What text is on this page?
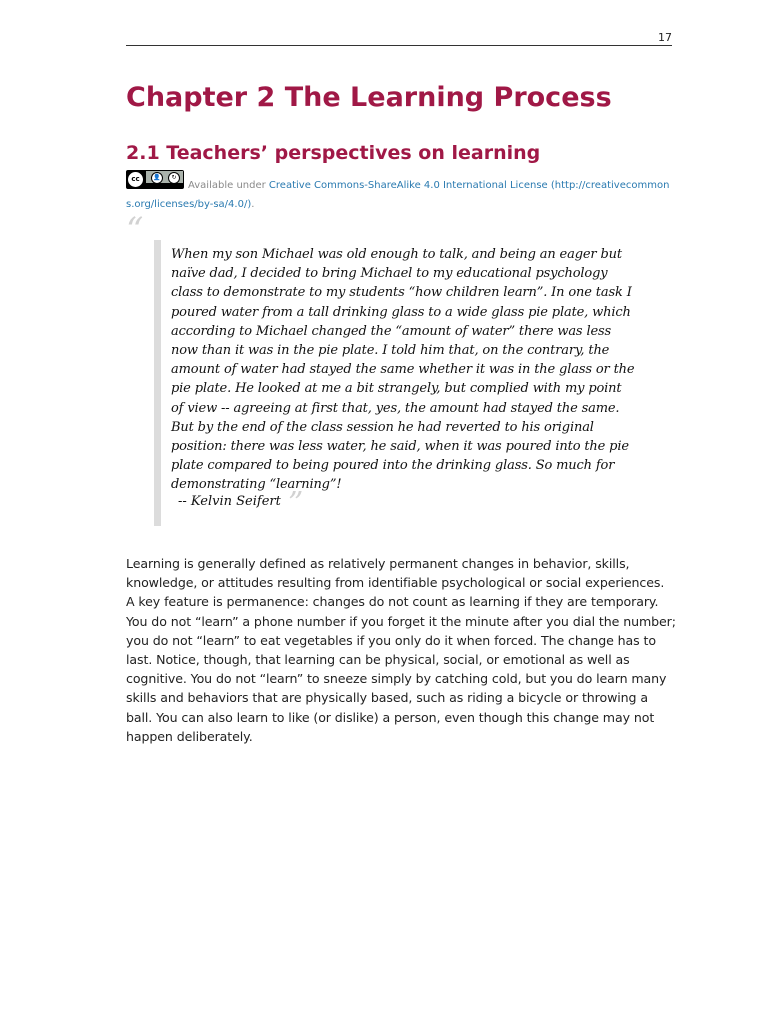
17
Chapter 2 The Learning Process
2.1 Teachers’ perspectives on learning
cc	👤	↻

Available under Creative Commons-ShareAlike 4.0 International License (http://creativecommons.org/licenses/by-sa/4.0/).

“

When my son Michael was old enough to talk, and being an eager but naïve dad, I decided to bring Michael to my educational psychology class to demonstrate to my students “how children learn”. In one task I poured water from a tall drinking glass to a wide glass pie plate, which according to Michael changed the “amount of water” there was less now than it was in the pie plate. I told him that, on the contrary, the amount of water had stayed the same whether it was in the glass or the pie plate. He looked at me a bit strangely, but complied with my point of view -- agreeing at first that, yes, the amount had stayed the same. But by the end of the class session he had reverted to his original position: there was less water, he said, when it was poured into the pie plate compared to being poured into the drinking glass. So much for demonstrating “learning”!

-- Kelvin Seifert ”

Learning is generally defined as relatively permanent changes in behavior, skills, knowledge, or attitudes resulting from identifiable psychological or social experiences. A key feature is permanence: changes do not count as learning if they are temporary. You do not “learn” a phone number if you forget it the minute after you dial the number; you do not “learn” to eat vegetables if you only do it when forced. The change has to last. Notice, though, that learning can be physical, social, or emotional as well as cognitive. You do not “learn” to sneeze simply by catching cold, but you do learn many skills and behaviors that are physically based, such as riding a bicycle or throwing a ball. You can also learn to like (or dislike) a person, even though this change may not happen deliberately.
